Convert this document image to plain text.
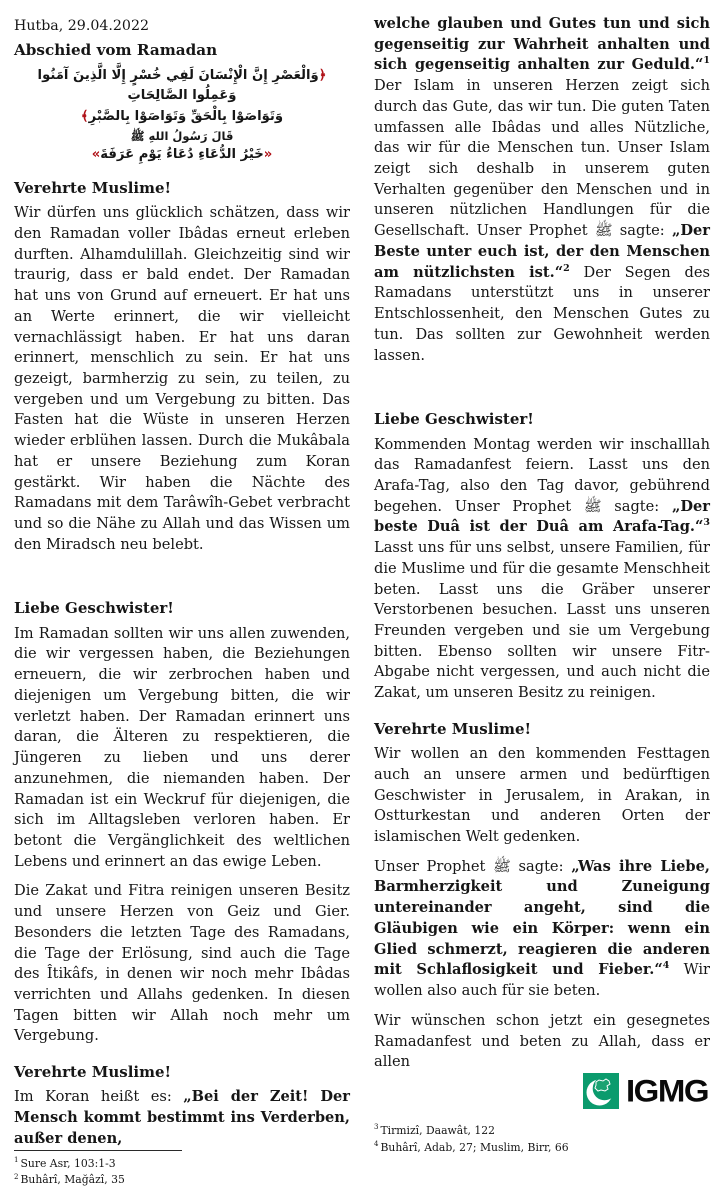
Hutba, 29.04.2022
Abschied vom Ramadan
﴿وَالْعَصْرِ إِنَّ الْإِنْسَانَ لَفِي خُسْرٍ إِلَّا الَّذِينَ آمَنُوا وَعَمِلُوا الصَّالِحَاتِ
وَتَوَاصَوْا بِالْحَقِّ وَتَوَاصَوْا بِالصَّبْرِ﴾
قَالَ رَسُولُ اللهِ ﷺ
«خَيْرُ الدُّعَاءِ دُعَاءُ يَوْمِ عَرَفَةَ»
Verehrte Muslime!

Wir dürfen uns glücklich schätzen, dass wir den Ramadan voller Ibâdas erneut erleben durften. Alhamdulillah. Gleichzeitig sind wir traurig, dass er bald endet. Der Ramadan hat uns von Grund auf erneuert. Er hat uns an Werte erinnert, die wir vielleicht vernachlässigt haben. Er hat uns daran erinnert, menschlich zu sein. Er hat uns gezeigt, barmherzig zu sein, zu teilen, zu vergeben und um Vergebung zu bitten. Das Fasten hat die Wüste in unseren Herzen wieder erblühen lassen. Durch die Mukâbala hat er unsere Beziehung zum Koran gestärkt. Wir haben die Nächte des Ramadans mit dem Tarâwîh-Gebet verbracht und so die Nähe zu Allah und das Wissen um den Miradsch neu belebt.

Liebe Geschwister!

Im Ramadan sollten wir uns allen zuwenden, die wir vergessen haben, die Beziehungen erneuern, die wir zerbrochen haben und diejenigen um Vergebung bitten, die wir verletzt haben. Der Ramadan erinnert uns daran, die Älteren zu respektieren, die Jüngeren zu lieben und uns derer anzunehmen, die niemanden haben. Der Ramadan ist ein Weckruf für diejenigen, die sich im Alltagsleben verloren haben. Er betont die Vergänglichkeit des weltlichen Lebens und erinnert an das ewige Leben.

Die Zakat und Fitra reinigen unseren Besitz und unsere Herzen von Geiz und Gier. Besonders die letzten Tage des Ramadans, die Tage der Erlösung, sind auch die Tage des Îtikâfs, in denen wir noch mehr Ibâdas verrichten und Allahs gedenken. In diesen Tagen bitten wir Allah noch mehr um Vergebung.

Verehrte Muslime!

Im Koran heißt es: „Bei der Zeit! Der Mensch kommt bestimmt ins Verderben, außer denen,

$^1$ Sure Asr, 103:1-3
$^2$ Buhârî, Mağâzî, 35

welche glauben und Gutes tun und sich gegenseitig zur Wahrheit anhalten und sich gegenseitig anhalten zur Geduld.“$^1$ Der Islam in unseren Herzen zeigt sich durch das Gute, das wir tun. Die guten Taten umfassen alle Ibâdas und alles Nützliche, das wir für die Menschen tun. Unser Islam zeigt sich deshalb in unserem guten Verhalten gegenüber den Menschen und in unseren nützlichen Handlungen für die Gesellschaft. Unser Prophet ﷺ sagte: „Der Beste unter euch ist, der den Menschen am nützlichsten ist.“$^2$ Der Segen des Ramadans unterstützt uns in unserer Entschlossenheit, den Menschen Gutes zu tun. Das sollten zur Gewohnheit werden lassen.

Liebe Geschwister!

Kommenden Montag werden wir inschalllah das Ramadanfest feiern. Lasst uns den Arafa-Tag, also den Tag davor, gebührend begehen. Unser Prophet ﷺ sagte: „Der beste Duâ ist der Duâ am Arafa-Tag.“$^3$ Lasst uns für uns selbst, unsere Familien, für die Muslime und für die gesamte Menschheit beten. Lasst uns die Gräber unserer Verstorbenen besuchen. Lasst uns unseren Freunden vergeben und sie um Vergebung bitten. Ebenso sollten wir unsere Fitr-Abgabe nicht vergessen, und auch nicht die Zakat, um unseren Besitz zu reinigen.

Verehrte Muslime!

Wir wollen an den kommenden Festtagen auch an unsere armen und bedürftigen Geschwister in Jerusalem, in Arakan, in Ostturkestan und anderen Orten der islamischen Welt gedenken.

Unser Prophet ﷺ sagte: „Was ihre Liebe, Barmherzigkeit und Zuneigung untereinander angeht, sind die Gläubigen wie ein Körper: wenn ein Glied schmerzt, reagieren die anderen mit Schlaflosigkeit und Fieber.“$^4$ Wir wollen also auch für sie beten.

Wir wünschen schon jetzt ein gesegnetes Ramadanfest und beten zu Allah, dass er allen

IGMG
$^3$ Tirmizî, Daawât, 122
$^4$ Buhârî, Adab, 27; Muslim, Birr, 66
